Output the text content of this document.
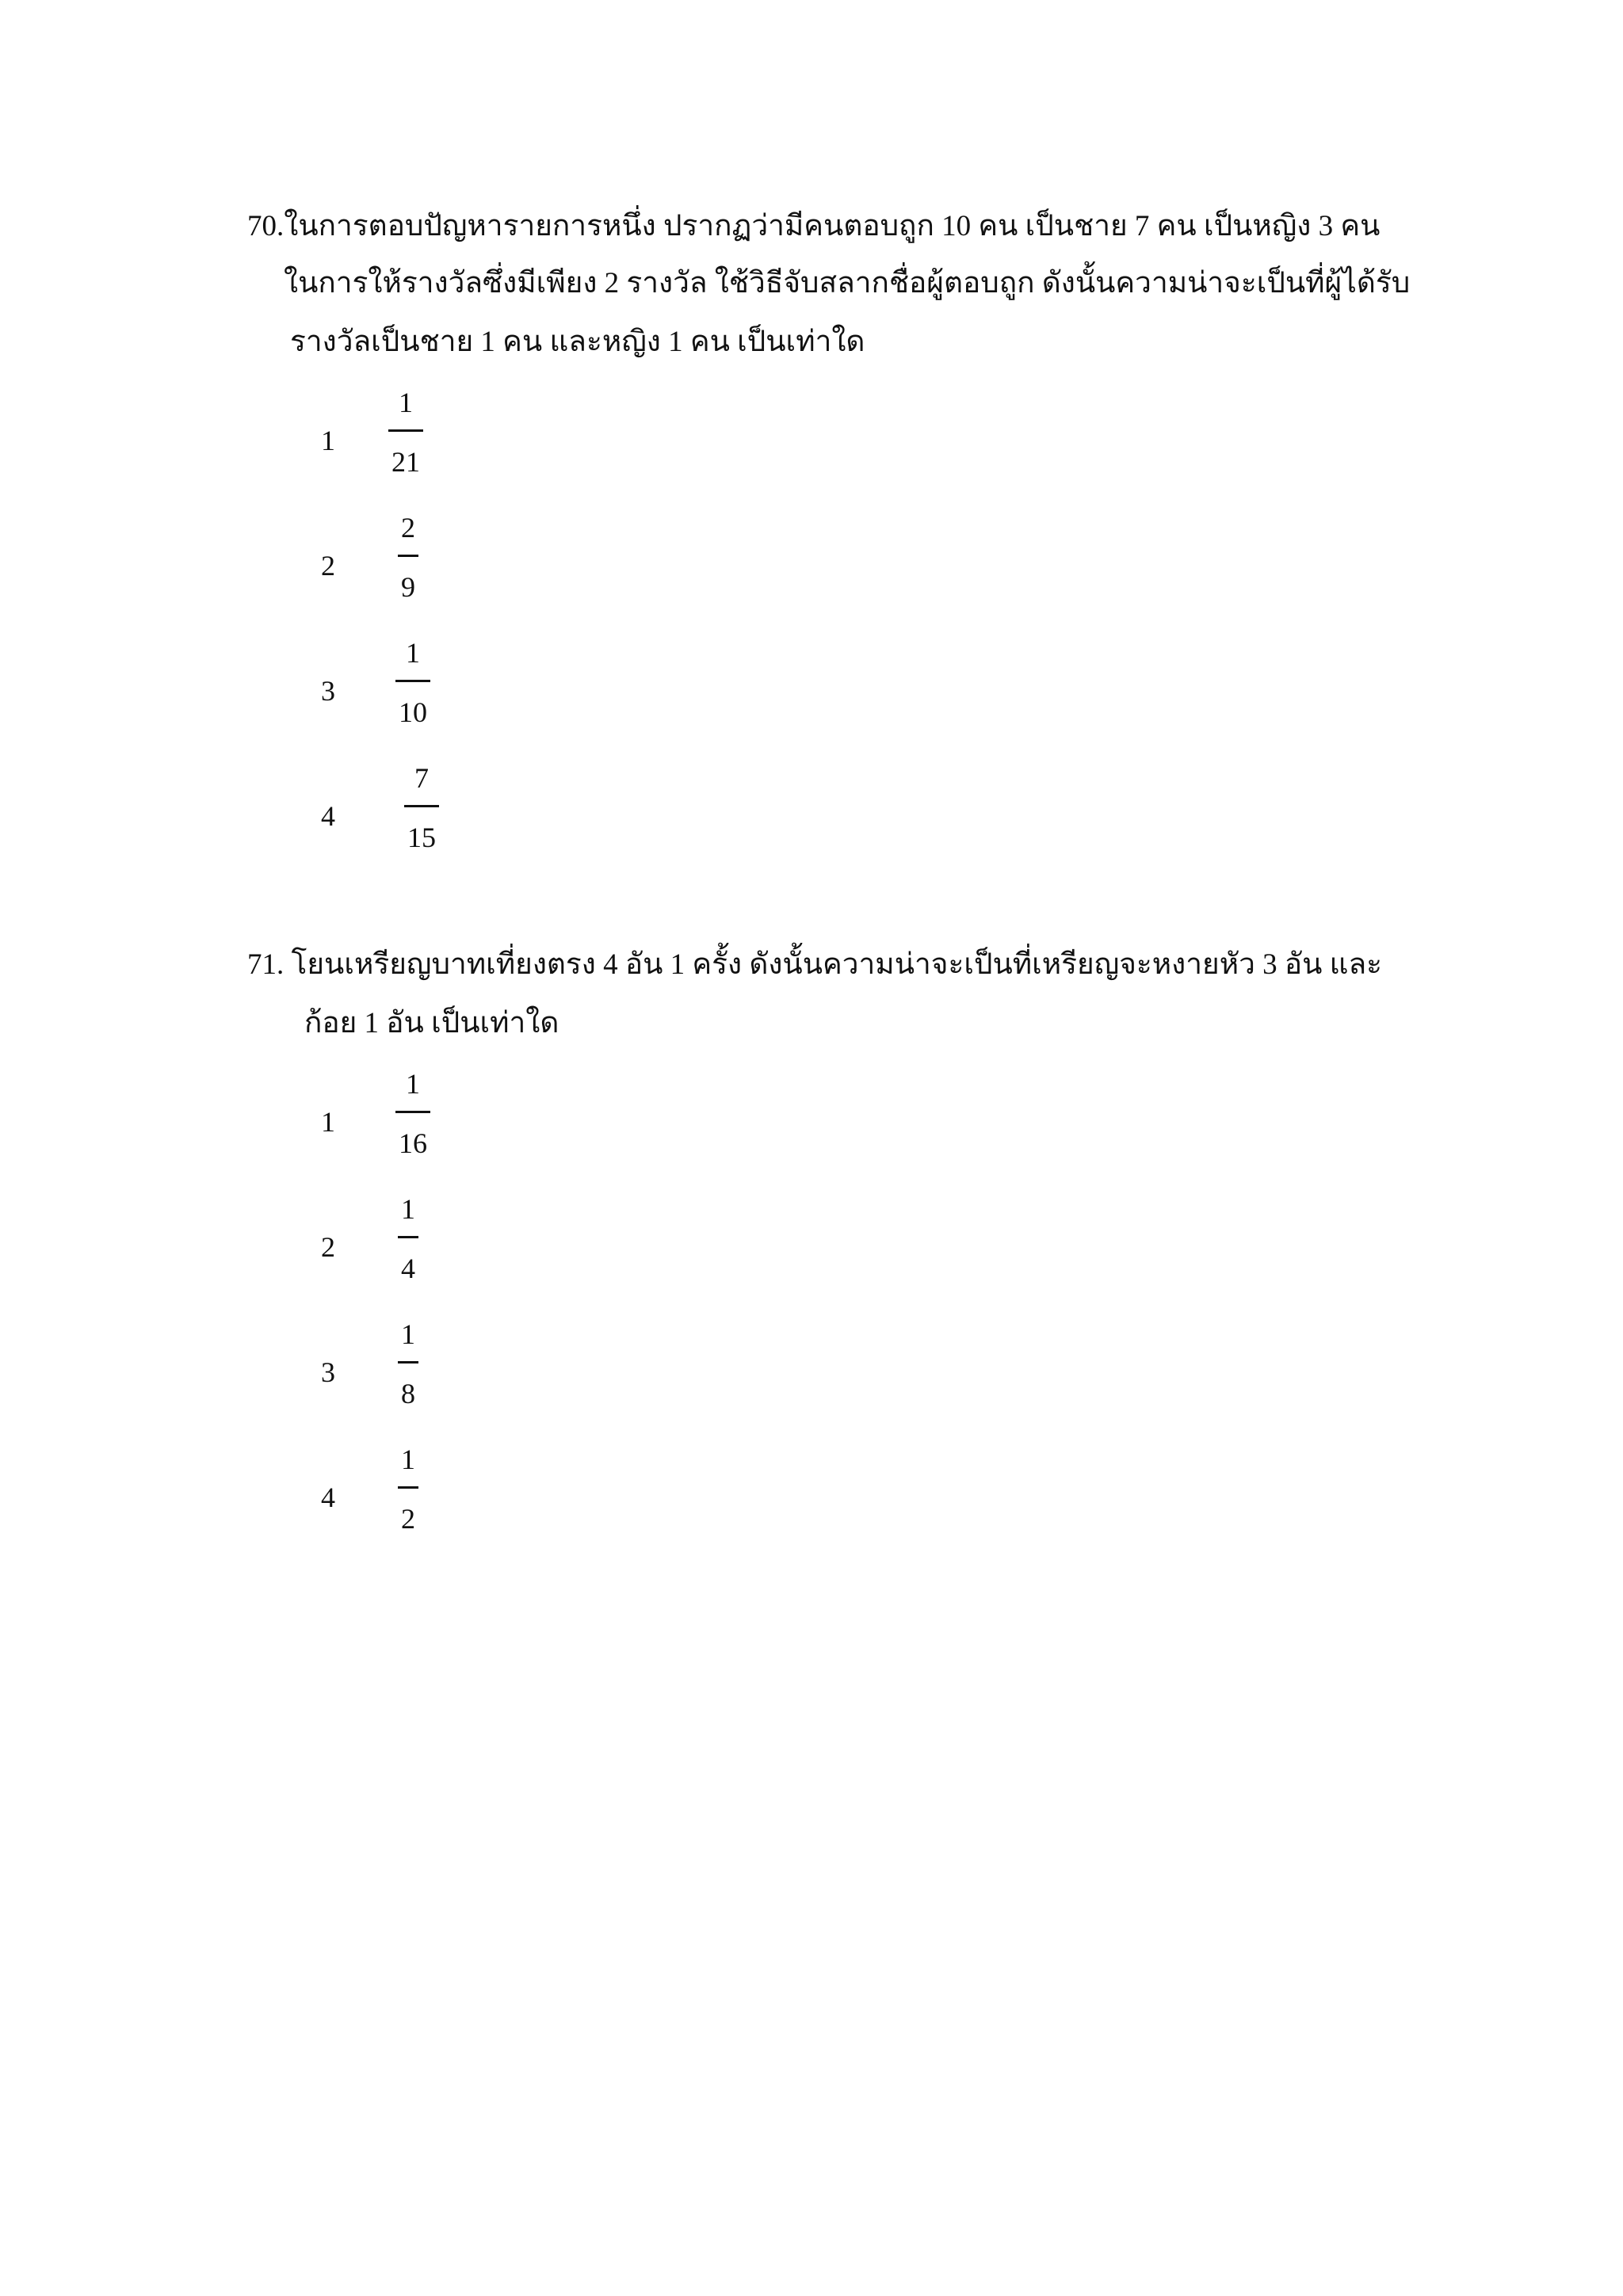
70.ในการตอบปัญหารายการหนึ่ง ปรากฏว่ามีคนตอบถูก 10 คน เป็นชาย 7 คน เป็นหญิง 3 คน
ในการให้รางวัลซึ่งมีเพียง 2 รางวัล ใช้วิธีจับสลากชื่อผู้ตอบถูก ดังนั้นความน่าจะเป็นที่ผู้ได้รับ
รางวัลเป็นชาย 1 คน และหญิง 1 คน เป็นเท่าใด
1
1
21
2
2
9
3
1
10
4
7
15
71. โยนเหรียญบาทเที่ยงตรง 4 อัน 1 ครั้ง ดังนั้นความน่าจะเป็นที่เหรียญจะหงายหัว 3 อัน และ
ก้อย 1 อัน เป็นเท่าใด
1
1
16
2
1
4
3
1
8
4
1
2
